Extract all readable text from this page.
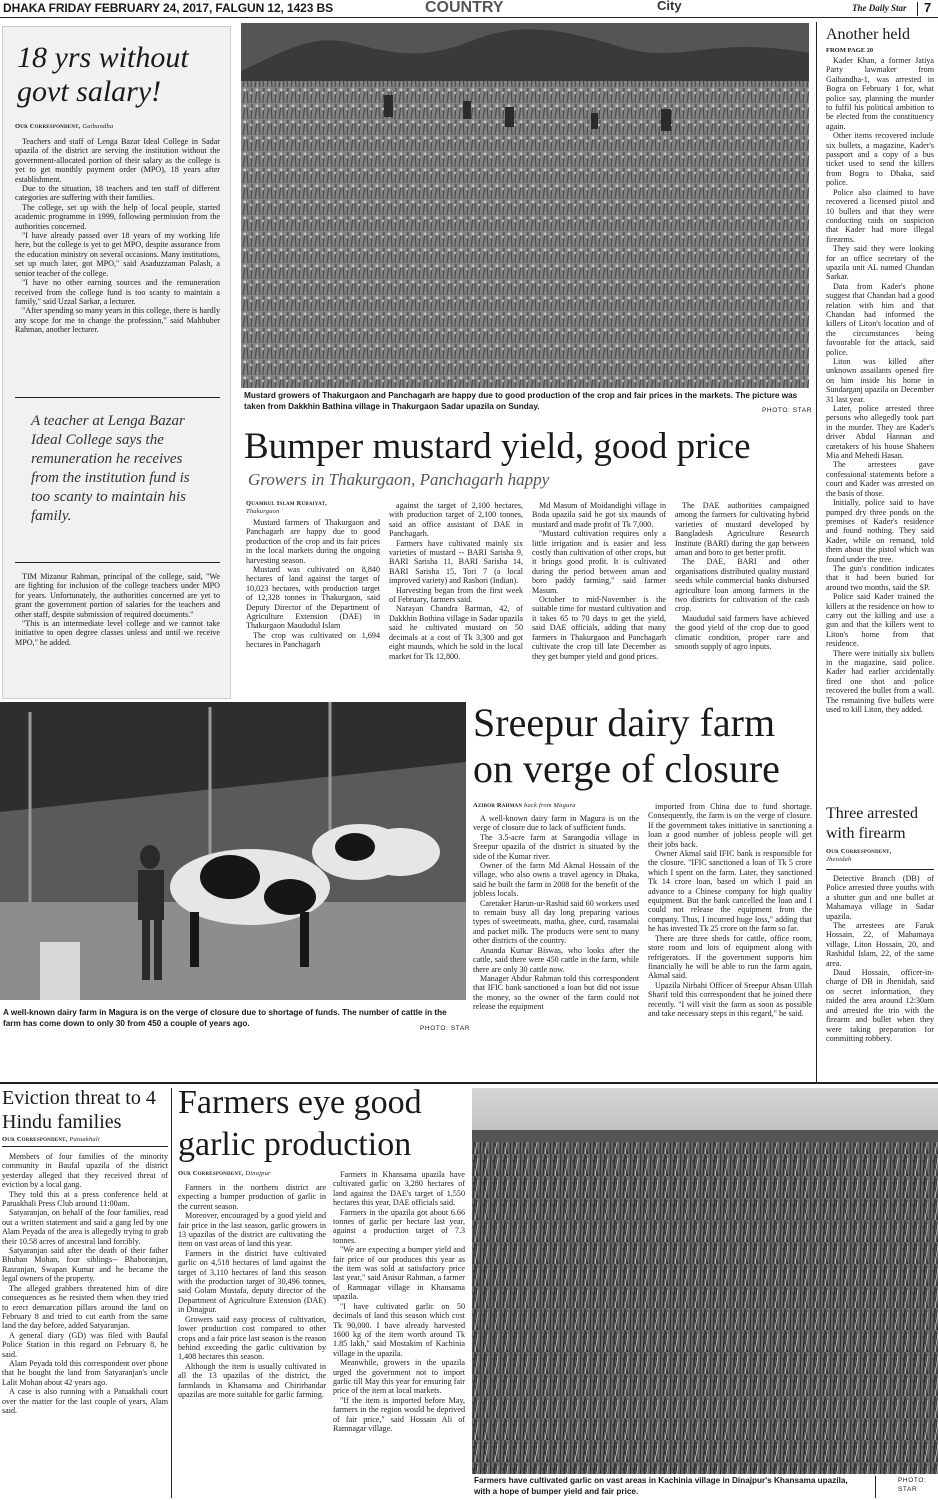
DHAKA FRIDAY FEBRUARY 24, 2017, FALGUN 12, 1423 BS	COUNTRY	City	The Daily Star 7
18 yrs without govt salary!
Our Correspondent, Gaibandha

Teachers and staff of Lenga Bazar Ideal College in Sadar upazila of the district are serving the institution without the government-allocated portion of their salary as the college is yet to get monthly payment order (MPO), 18 years after establishment.

Due to the situation, 18 teachers and ten staff of different categories are suffering with their families.

The college, set up with the help of local people, started academic programme in 1999, following permission from the authorities concerned.

"I have already passed over 18 years of my working life here, but the college is yet to get MPO, despite assurance from the education ministry on several occasions. Many institutions, set up much later, got MPO," said Asaduzzaman Palash, a senior teacher of the college.

"I have no other earning sources and the remuneration received from the college fund is too scanty to maintain a family," said Uzzal Sarkar, a lecturer.

"After spending so many years in this college, there is hardly any scope for me to change the profession," said Mahbuber Rahman, another lecturer.

A teacher at Lenga Bazar Ideal College says the remuneration he receives from the institution fund is too scanty to maintain his family.

TIM Mizanur Rahman, principal of the college, said, "We are fighting for inclusion of the college teachers under MPO for years. Unfortunately, the authorities concerned are yet to grant the government portion of salaries for the teachers and other staff, despite submission of required documents."

"This is an intermediate level college and we cannot take initiative to open degree classes unless and until we receive MPO," he added.

Mustard growers of Thakurgaon and Panchagarh are happy due to good production of the crop and fair prices in the markets. The picture was taken from Dakkhin Bathina village in Thakurgaon Sadar upazila on Sunday.	PHOTO: STAR
Bumper mustard yield, good price
Growers in Thakurgaon, Panchagarh happy
Quamrul Islam Rubaiyat,
Thakurgaon

Mustard farmers of Thakurgaon and Panchagarh are happy due to good production of the crop and its fair prices in the local markets during the ongoing harvesting season.

Mustard was cultivated on 8,840 hectares of land against the target of 10,023 hectares, with production target of 12,328 tonnes in Thakurgaon, said Deputy Director of the Department of Agriculture Extension (DAE) in Thakurgaon Maududul Islam

The crop was cultivated on 1,694 hectares in Panchagarh

against the target of 2,100 hectares, with production target of 2,100 tonnes, said an office assistant of DAE in Panchagarh.

Farmers have cultivated mainly six varieties of mustard -- BARI Sarisha 9, BARI Sarisha 11, BARI Sarisha 14, BARI Sarisha 15, Tori 7 (a local improved variety) and Rashori (Indian).

Harvesting began from the first week of February, farmers said.

Narayan Chandra Barman, 42, of Dakkhin Bothina village in Sadar upazila said he cultivated mustard on 50 decimals at a cost of Tk 3,300 and got eight maunds, which he sold in the local market for Tk 12,800.

Md Masum of Moidandighi village in Boda upazila said he got six maunds of mustard and made profit of Tk 7,000.

"Mustard cultivation requires only a little irrigation and is easier and less costly than cultivation of other crops, but it brings good profit. It is cultivated during the period between aman and boro paddy farming," said farmer Masum.

October to mid-November is the suitable time for mustard cultivation and it takes 65 to 70 days to get the yield, said DAE officials, adding that many farmers in Thakurgaon and Panchagarh cultivate the crop till late December as they get bumper yield and good prices.

The DAE authorities campaigned among the farmers for cultivating hybrid varieties of mustard developed by Bangladesh Agriculture Research Institute (BARI) during the gap between aman and boro to get better profit.

The DAE, BARI and other organisations distributed quality mustard seeds while commercial banks disbursed agriculture loan among farmers in the two districts for cultivation of the cash crop.

Maududul said farmers have achieved the good yield of the crop due to good climatic condition, proper care and smooth supply of agro inputs.

Another held
FROM PAGE 20

Kader Khan, a former Jatiya Party lawmaker from Gaibandha-1, was arrested in Bogra on February 1 for, what police say, planning the murder to fulfil his political ambition to be elected from the constituency again.

Other items recovered include six bullets, a magazine, Kader's passport and a copy of a bus ticket used to send the killers from Bogra to Dhaka, said police.

Police also claimed to have recovered a licensed pistol and 10 bullets and that they were conducting raids on suspicion that Kader had more illegal firearms.

They said they were looking for an office secretary of the upazila unit AL named Chandan Sarkar.

Data from Kader's phone suggest that Chandan had a good relation with him and that Chandan had informed the killers of Liton's location and of the circumstances being favourable for the attack, said police.

Liton was killed after unknown assailants opened fire on him inside his home in Sundarganj upazila on December 31 last year.

Later, police arrested three persons who allegedly took part in the murder. They are Kader's driver Abdul Hannan and caretakers of his house Shaheen Mia and Mehedi Hasan.

The arrestees gave confessional statements before a court and Kader was arrested on the basis of those.

Initially, police said to have pumped dry three ponds on the premises of Kader's residence and found nothing. They said Kader, while on remand, told them about the pistol which was found under the tree.

The gun's condition indicates that it had been buried for around two months, said the SP.

Police said Kader trained the killers at the residence on how to carry out the killing and use a gun and that the killers went to Liton's home from that residence.

There were initially six bullets in the magazine, said police. Kader had earlier accidentally fired one shot and police recovered the bullet from a wall. The remaining five bullets were used to kill Liton, they added.

Three arrested with firearm
Our Correspondent,
Jhenidah

Detective Branch (DB) of Police arrested three youths with a shutter gun and one bullet at Mahamaya village in Sadar upazila.

The arrestees are Faruk Hossain, 22, of Mahamaya village, Liton Hossain, 20, and Rashidul Islam, 22, of the same area.

Daud Hossain, officer-in-charge of DB in Jhenidah, said on secret information, they raided the area around 12:30am and arrested the trio with the firearm and bullet when they were taking preparation for committing robbery.

A well-known dairy farm in Magura is on the verge of closure due to shortage of funds. The number of cattle in the farm has come down to only 30 from 450 a couple of years ago.
PHOTO: STAR
Sreepur dairy farm on verge of closure
Azibor Rahman back from Magura

A well-known dairy farm in Magura is on the verge of closure due to lack of sufficient funds.

The 3.5-acre farm at Sarangodia village in Sreepur upazila of the district is situated by the side of the Kumar river.

Owner of the farm Md Akmal Hossain of the village, who also owns a travel agency in Dhaka, said he built the farm in 2008 for the benefit of the jobless locals.

Caretaker Harun-ur-Rashid said 60 workers used to remain busy all day long preparing various types of sweetmeats, matha, ghee, curd, rasamalai and packet milk. The products were sent to many other districts of the country.

Ananda Kumar Biswas, who looks after the cattle, said there were 450 cattle in the farm, while there are only 30 cattle now.

Manager Abdur Rahman told this correspondent that IFIC bank sanctioned a loan but did not issue the money, so the owner of the farm could not release the equipment

imported from China due to fund shortage. Consequently, the farm is on the verge of closure. If the government takes initiative in sanctioning a loan a good number of jobless people will get their jobs back.

Owner Akmal said IFIC bank is responsible for the closure. "IFIC sanctioned a loan of Tk 5 crore which I spent on the farm. Later, they sanctioned Tk 14 crore loan, based on which I paid an advance to a Chinese company for high quality equipment. But the bank cancelled the loan and I could not release the equipment from the company. Thus, I incurred huge loss," adding that he has invested Tk 25 crore on the farm so far.

There are three sheds for cattle, office room, store room and lots of equipment along with refrigerators. If the government supports him financially he will be able to run the farm again, Akmal said.

Upazila Nirbahi Officer of Sreepur Ahsan Ullah Sharif told this correspondent that he joined there recently. "I will visit the farm as soon as possible and take necessary steps in this regard," he said.

Eviction threat to 4 Hindu families
Our Correspondent, Patuakhali

Members of four families of the minority community in Baufal upazila of the district yesterday alleged that they received threat of eviction by a local gang.

They told this at a press conference held at Patuakhali Press Club around 11:00am.

Satyaranjan, on behalf of the four families, read out a written statement and said a gang led by one Alam Peyada of the area is allegedly trying to grab their 10.58 acres of ancestral land forcibly.

Satyaranjan said after the death of their father Bhuban Mohan, four siblings-- Bhaboranjan, Rasranjan, Swapan Kumar and he became the legal owners of the property.

The alleged grabbers threatened him of dire consequences as he resisted them when they tried to erect demarcation pillars around the land on February 8 and tried to cut earth from the same land the day before, added Satyaranjan.

A general diary (GD) was filed with Baufal Police Station in this regard on February 8, he said.

Alam Peyada told this correspondent over phone that he bought the land from Satyaranjan's uncle Lalit Mohan about 42 years ago.

A case is also running with a Patuakhali court over the matter for the last couple of years, Alam said.

Farmers eye good garlic production
Our Correspondent, Dinajpur

Farmers in the northern district are expecting a bumper production of garlic in the current season.

Moreover, encouraged by a good yield and fair price in the last season, garlic growers in 13 upazilas of the district are cultivating the item on vast areas of land this year.

Farmers in the district have cultivated garlic on 4,518 hectares of land against the target of 3,110 hectares of land this season with the production target of 30,496 tonnes, said Golam Mustafa, deputy director of the Department of Agriculture Extension (DAE) in Dinajpur.

Growers said easy process of cultivation, lower production cost compared to other crops and a fair price last season is the reason behind exceeding the garlic cultivation by 1,408 hectares this season.

Although the item is usually cultivated in all the 13 upazilas of the district, the farmlands in Khansama and Chirirbandar upazilas are more suitable for garlic farming.

Farmers in Khansama upazila have cultivated garlic on 3,280 hectares of land against the DAE's target of 1,550 hectares this year, DAE officials said.

Farmers in the upazila got about 6.66 tonnes of garlic per hectare last year, against a production target of 7.3 tonnes.

"We are expecting a bumper yield and fair price of our produces this year as the item was sold at satisfactory price last year," said Anisur Rahman, a farmer of Ramnagar village in Khansama upazila.

"I have cultivated garlic on 50 decimals of land this season which cost Tk 90,000. I have already harvested 1600 kg of the item worth around Tk 1.85 lakh," said Mostakim of Kachinia village in the upazila.

Meanwhile, growers in the upazila urged the government not to import garlic till May this year for ensuring fair price of the item at local markets.

"If the item is imported before May, farmers in the region would be deprived of fair price," said Hossain Ali of Ramnagar village.

Farmers have cultivated garlic on vast areas in Kachinia village in Dinajpur's Khansama upazila, with a hope of bumper yield and fair price.
PHOTO: STAR
